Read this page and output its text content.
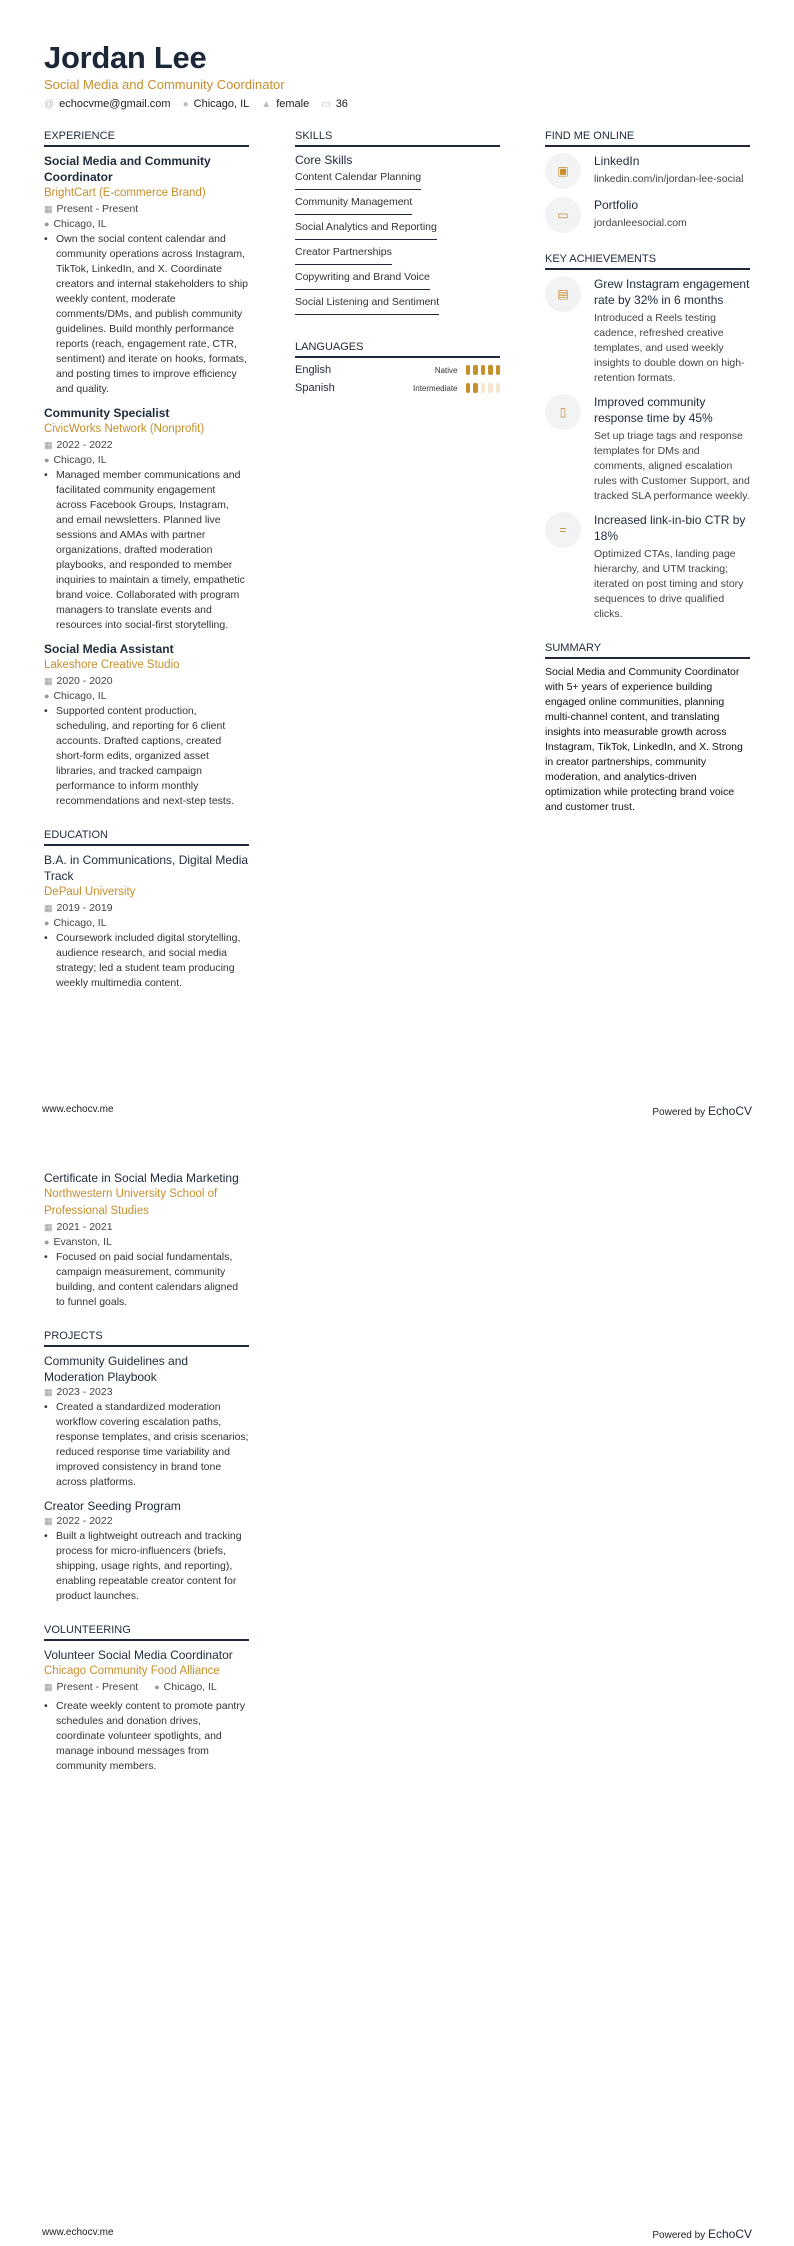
Jordan Lee
Social Media and Community Coordinator
@ echocvme@gmail.com ● Chicago, IL ▲ female ▭ 36
EXPERIENCE
Social Media and Community Coordinator
BrightCart (E-commerce Brand)
▦ Present - Present
● Chicago, IL
• Own the social content calendar and community operations across Instagram, TikTok, LinkedIn, and X. Coordinate creators and internal stakeholders to ship weekly content, moderate comments/DMs, and publish community guidelines. Build monthly performance reports (reach, engagement rate, CTR, sentiment) and iterate on hooks, formats, and posting times to improve efficiency and quality.
Community Specialist
CivicWorks Network (Nonprofit)
▦ 2022 - 2022
● Chicago, IL
• Managed member communications and facilitated community engagement across Facebook Groups, Instagram, and email newsletters. Planned live sessions and AMAs with partner organizations, drafted moderation playbooks, and responded to member inquiries to maintain a timely, empathetic brand voice. Collaborated with program managers to translate events and resources into social-first storytelling.
Social Media Assistant
Lakeshore Creative Studio
▦ 2020 - 2020
● Chicago, IL
• Supported content production, scheduling, and reporting for 6 client accounts. Drafted captions, created short-form edits, organized asset libraries, and tracked campaign performance to inform monthly recommendations and next-step tests.
EDUCATION
B.A. in Communications, Digital Media Track
DePaul University
▦ 2019 - 2019
● Chicago, IL
• Coursework included digital storytelling, audience research, and social media strategy; led a student team producing weekly multimedia content.
SKILLS
Core Skills
Content Calendar Planning
Community Management
Social Analytics and Reporting
Creator Partnerships
Copywriting and Brand Voice
Social Listening and Sentiment
LANGUAGES
English	Native
Spanish	Intermediate
FIND ME ONLINE
▣
LinkedIn
linkedin.com/in/jordan-lee-social
▭
Portfolio
jordanleesocial.com
KEY ACHIEVEMENTS
▤
Grew Instagram engagement rate by 32% in 6 months
Introduced a Reels testing cadence, refreshed creative templates, and used weekly insights to double down on high-retention formats.
▯
Improved community response time by 45%
Set up triage tags and response templates for DMs and comments, aligned escalation rules with Customer Support, and tracked SLA performance weekly.
=
Increased link-in-bio CTR by 18%
Optimized CTAs, landing page hierarchy, and UTM tracking; iterated on post timing and story sequences to drive qualified clicks.
SUMMARY
Social Media and Community Coordinator with 5+ years of experience building engaged online communities, planning multi-channel content, and translating insights into measurable growth across Instagram, TikTok, LinkedIn, and X. Strong in creator partnerships, community moderation, and analytics-driven optimization while protecting brand voice and customer trust.
www.echocv.me	Powered by EchoCV
Certificate in Social Media Marketing
Northwestern University School of Professional Studies
▦ 2021 - 2021
● Evanston, IL
• Focused on paid social fundamentals, campaign measurement, community building, and content calendars aligned to funnel goals.
PROJECTS
Community Guidelines and Moderation Playbook
▦ 2023 - 2023
• Created a standardized moderation workflow covering escalation paths, response templates, and crisis scenarios; reduced response time variability and improved consistency in brand tone across platforms.
Creator Seeding Program
▦ 2022 - 2022
• Built a lightweight outreach and tracking process for micro-influencers (briefs, shipping, usage rights, and reporting), enabling repeatable creator content for product launches.
VOLUNTEERING
Volunteer Social Media Coordinator
Chicago Community Food Alliance
▦ Present - Present ● Chicago, IL
• Create weekly content to promote pantry schedules and donation drives, coordinate volunteer spotlights, and manage inbound messages from community members.
www.echocv.me	Powered by EchoCV
